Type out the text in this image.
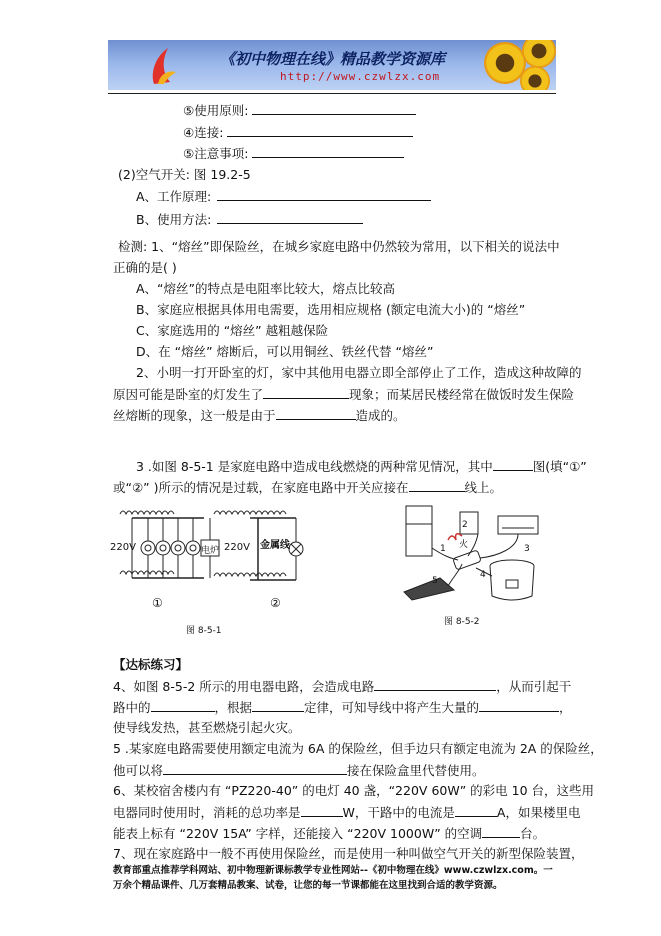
《初中物理在线》精品教学资源库
http://www.czwlzx.com
⑤使用原则:
④连接:
⑤注意事项:
(2)空气开关: 图 19.2-5
A、工作原理:
B、使用方法:
检测: 1、“熔丝”即保险丝，在城乡家庭电路中仍然较为常用，以下相关的说法中
正确的是( )
A、“熔丝”的特点是电阻率比较大，熔点比较高
B、家庭应根据具体用电需要，选用相应规格 (额定电流大小)的 “熔丝”
C、家庭选用的 “熔丝” 越粗越保险
D、在 “熔丝” 熔断后，可以用铜丝、铁丝代替 “熔丝”
2、小明一打开卧室的灯，家中其他用电器立即全部停止了工作，造成这种故障的
原因可能是卧室的灯发生了	现象；而某居民楼经常在做饭时发生保险
丝熔断的现象，这一般是由于	造成的。
3 .如图 8-5-1 是家庭电路中造成电线燃烧的两种常见情况，其中	图(填“①”
或“②” )所示的情况是过载，在家庭电路中开关应接在	线上。
220V	电炉
①
220V 金属线
②
图 8-5-1
火
1
2
3
4
5
图 8-5-2
【达标练习】
4、如图 8-5-2 所示的用电器电路，会造成电路	，从而引起干
路中的	，根据	定律，可知导线中将产生大量的	，
使导线发热，甚至燃烧引起火灾。
5 .某家庭电路需要使用额定电流为 6A 的保险丝，但手边只有额定电流为 2A 的保险丝，
他可以将	接在保险盒里代替使用。
6、某校宿舍楼内有 “PZ220-40” 的电灯 40 盏，“220V 60W” 的彩电 10 台，这些用
电器同时使用时，消耗的总功率是	W，干路中的电流是	A，如果楼里电
能表上标有 “220V 15A” 字样，还能接入 “220V 1000W” 的空调	台。
7、现在家庭路中一般不再使用保险丝，而是使用一种叫做空气开关的新型保险装置，
教育部重点推荐学科网站、初中物理新课标教学专业性网站--《初中物理在线》www.czwlzx.com。一
万余个精品课件、几万套精品教案、试卷，让您的每一节课都能在这里找到合适的教学资源。
